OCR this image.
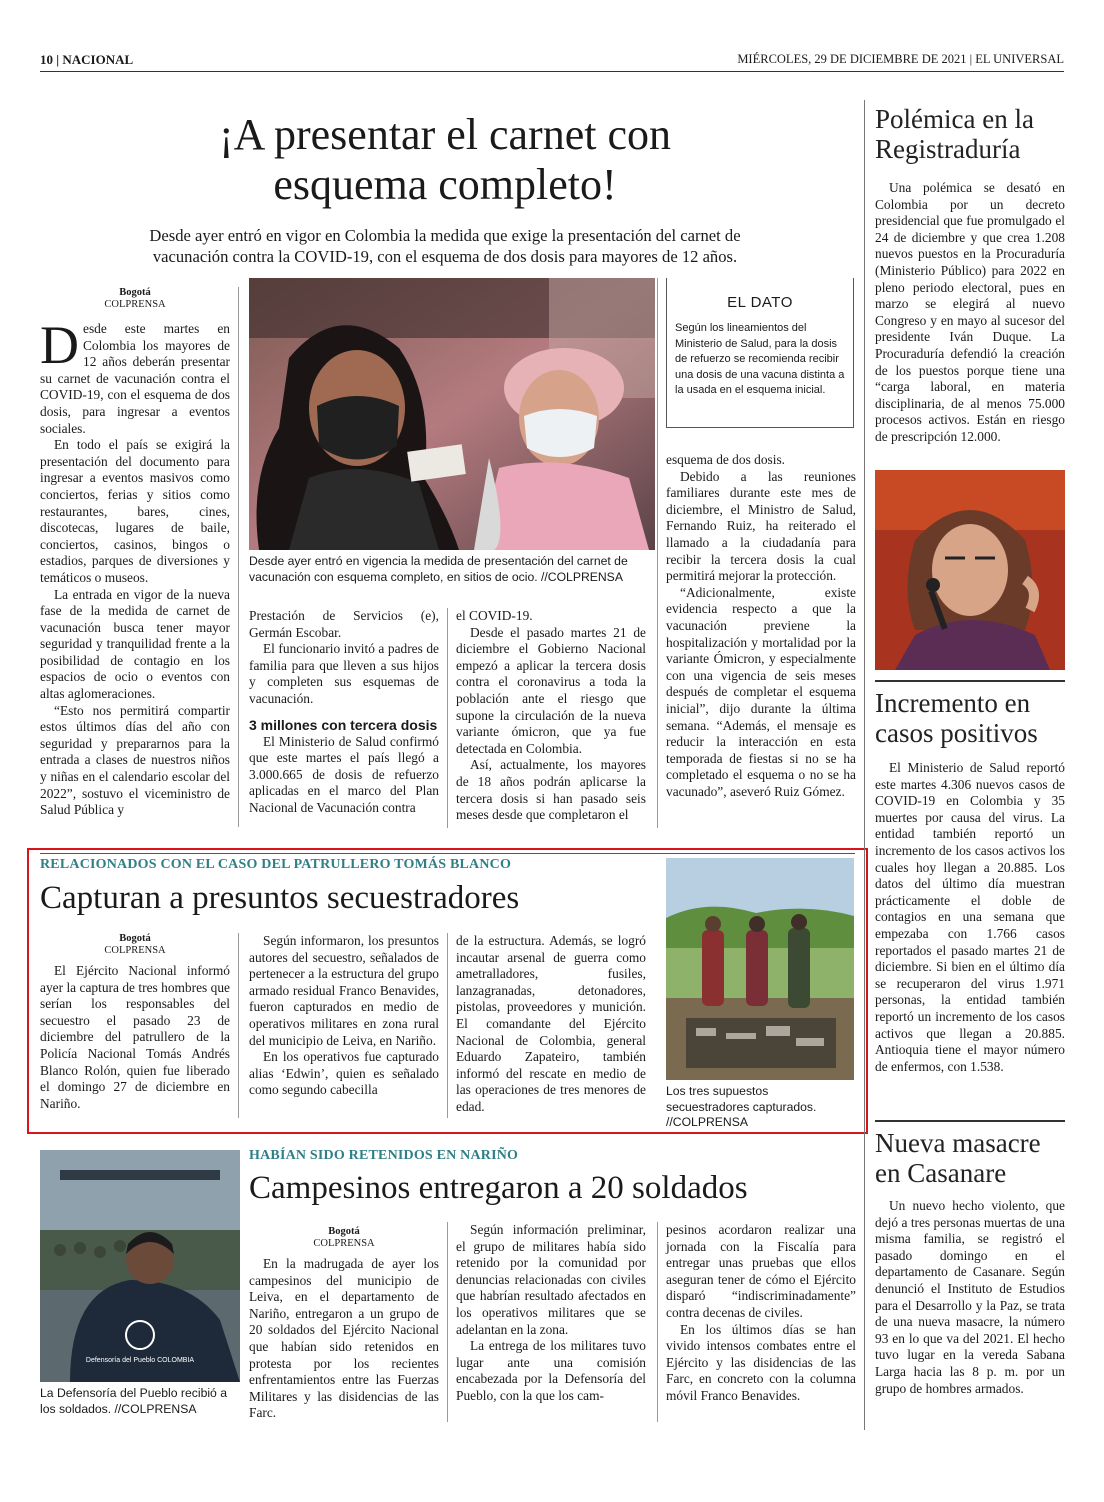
10 | NACIONAL	MIÉRCOLES, 29 DE DICIEMBRE DE 2021 | EL UNIVERSAL
¡A presentar el carnet con
esquema completo!
Desde ayer entró en vigor en Colombia la medida que exige la presentación del carnet de
vacunación contra la COVID-19, con el esquema de dos dosis para mayores de 12 años.
Bogotá
COLPRENSA

Desde este martes en Colombia los mayores de 12 años deberán presentar su carnet de vacunación contra el COVID-19, con el esquema de dos dosis, para ingresar a eventos sociales.

En todo el país se exigirá la presentación del documento para ingresar a eventos masivos como conciertos, ferias y sitios como restaurantes, bares, cines, discotecas, lugares de baile, conciertos, casinos, bingos o estadios, parques de diversiones y temáticos o museos.

La entrada en vigor de la nueva fase de la medida de carnet de vacunación busca tener mayor seguridad y tranquilidad frente a la posibilidad de contagio en los espacios de ocio o eventos con altas aglomeraciones.

“Esto nos permitirá compartir estos últimos días del año con seguridad y prepararnos para la entrada a clases de nuestros niños y niñas en el calendario escolar del 2022”, sostuvo el viceministro de Salud Pública y

Desde ayer entró en vigencia la medida de presentación del carnet de vacunación con esquema completo, en sitios de ocio. //COLPRENSA

Prestación de Servicios (e), Germán Escobar.

El funcionario invitó a padres de familia para que lleven a sus hijos y completen sus esquemas de vacunación.

3 millones con tercera dosis

El Ministerio de Salud confirmó que este martes el país llegó a 3.000.665 de dosis de refuerzo aplicadas en el marco del Plan Nacional de Vacunación contra

el COVID-19.

Desde el pasado martes 21 de diciembre el Gobierno Nacional empezó a aplicar la tercera dosis contra el coronavirus a toda la población ante el riesgo que supone la circulación de la nueva variante ómicron, que ya fue detectada en Colombia.

Así, actualmente, los mayores de 18 años podrán aplicarse la tercera dosis si han pasado seis meses desde que completaron el

EL DATO
Según los lineamientos del Ministerio de Salud, para la dosis de refuerzo se recomienda recibir una dosis de una vacuna distinta a la usada en el esquema inicial.

esquema de dos dosis.

Debido a las reuniones familiares durante este mes de diciembre, el Ministro de Salud, Fernando Ruiz, ha reiterado el llamado a la ciudadanía para recibir la tercera dosis la cual permitirá mejorar la protección.

“Adicionalmente, existe evidencia respecto a que la vacunación previene la hospitalización y mortalidad por la variante Ómicron, y especialmente con una vigencia de seis meses después de completar el esquema inicial”, dijo durante la última semana. “Además, el mensaje es reducir la interacción en esta temporada de fiestas si no se ha completado el esquema o no se ha vacunado”, aseveró Ruiz Gómez.

RELACIONADOS CON EL CASO DEL PATRULLERO TOMÁS BLANCO
Capturan a presuntos secuestradores
Bogotá
COLPRENSA

El Ejército Nacional informó ayer la captura de tres hombres que serían los responsables del secuestro el pasado 23 de diciembre del patrullero de la Policía Nacional Tomás Andrés Blanco Rolón, quien fue liberado el domingo 27 de diciembre en Nariño.

Según informaron, los presuntos autores del secuestro, señalados de pertenecer a la estructura del grupo armado residual Franco Benavides, fueron capturados en medio de operativos militares en zona rural del municipio de Leiva, en Nariño.

En los operativos fue capturado alias ‘Edwin’, quien es señalado como segundo cabecilla

de la estructura. Además, se logró incautar arsenal de guerra como ametralladores, fusiles, lanzagranadas, detonadores, pistolas, proveedores y munición. El comandante del Ejército Nacional de Colombia, general Eduardo Zapateiro, también informó del rescate en medio de las operaciones de tres menores de edad.

Los tres supuestos secuestradores capturados. //COLPRENSA
Defensoría del Pueblo COLOMBIA
La Defensoría del Pueblo recibió a los soldados. //COLPRENSA
HABÍAN SIDO RETENIDOS EN NARIÑO
Campesinos entregaron a 20 soldados
Bogotá
COLPRENSA

En la madrugada de ayer los campesinos del municipio de Leiva, en el departamento de Nariño, entregaron a un grupo de 20 soldados del Ejército Nacional que habían sido retenidos en protesta por los recientes enfrentamientos entre las Fuerzas Militares y las disidencias de las Farc.

Según información preliminar, el grupo de militares había sido retenido por la comunidad por denuncias relacionadas con civiles que habrían resultado afectados en los operativos militares que se adelantan en la zona.

La entrega de los militares tuvo lugar ante una comisión encabezada por la Defensoría del Pueblo, con la que los cam-

pesinos acordaron realizar una jornada con la Fiscalía para entregar unas pruebas que ellos aseguran tener de cómo el Ejército disparó “indiscriminadamente” contra decenas de civiles.

En los últimos días se han vivido intensos combates entre el Ejército y las disidencias de las Farc, en concreto con la columna móvil Franco Benavides.

Polémica en la Registraduría

Una polémica se desató en Colombia por un decreto presidencial que fue promulgado el 24 de diciembre y que crea 1.208 nuevos puestos en la Procuraduría (Ministerio Público) para 2022 en pleno periodo electoral, pues en marzo se elegirá al nuevo Congreso y en mayo al sucesor del presidente Iván Duque. La Procuraduría defendió la creación de los puestos porque tiene una “carga laboral, en materia disciplinaria, de al menos 75.000 procesos activos. Están en riesgo de prescripción 12.000.

Incremento en casos positivos

El Ministerio de Salud reportó este martes 4.306 nuevos casos de COVID-19 en Colombia y 35 muertes por causa del virus. La entidad también reportó un incremento de los casos activos los cuales hoy llegan a 20.885. Los datos del último día muestran prácticamente el doble de contagios en una semana que empezaba con 1.766 casos reportados el pasado martes 21 de diciembre. Si bien en el último día se recuperaron del virus 1.971 personas, la entidad también reportó un incremento de los casos activos que llegan a 20.885. Antioquia tiene el mayor número de enfermos, con 1.538.

Nueva masacre en Casanare

Un nuevo hecho violento, que dejó a tres personas muertas de una misma familia, se registró el pasado domingo en el departamento de Casanare. Según denunció el Instituto de Estudios para el Desarrollo y la Paz, se trata de una nueva masacre, la número 93 en lo que va del 2021. El hecho tuvo lugar en la vereda Sabana Larga hacia las 8 p. m. por un grupo de hombres armados.
